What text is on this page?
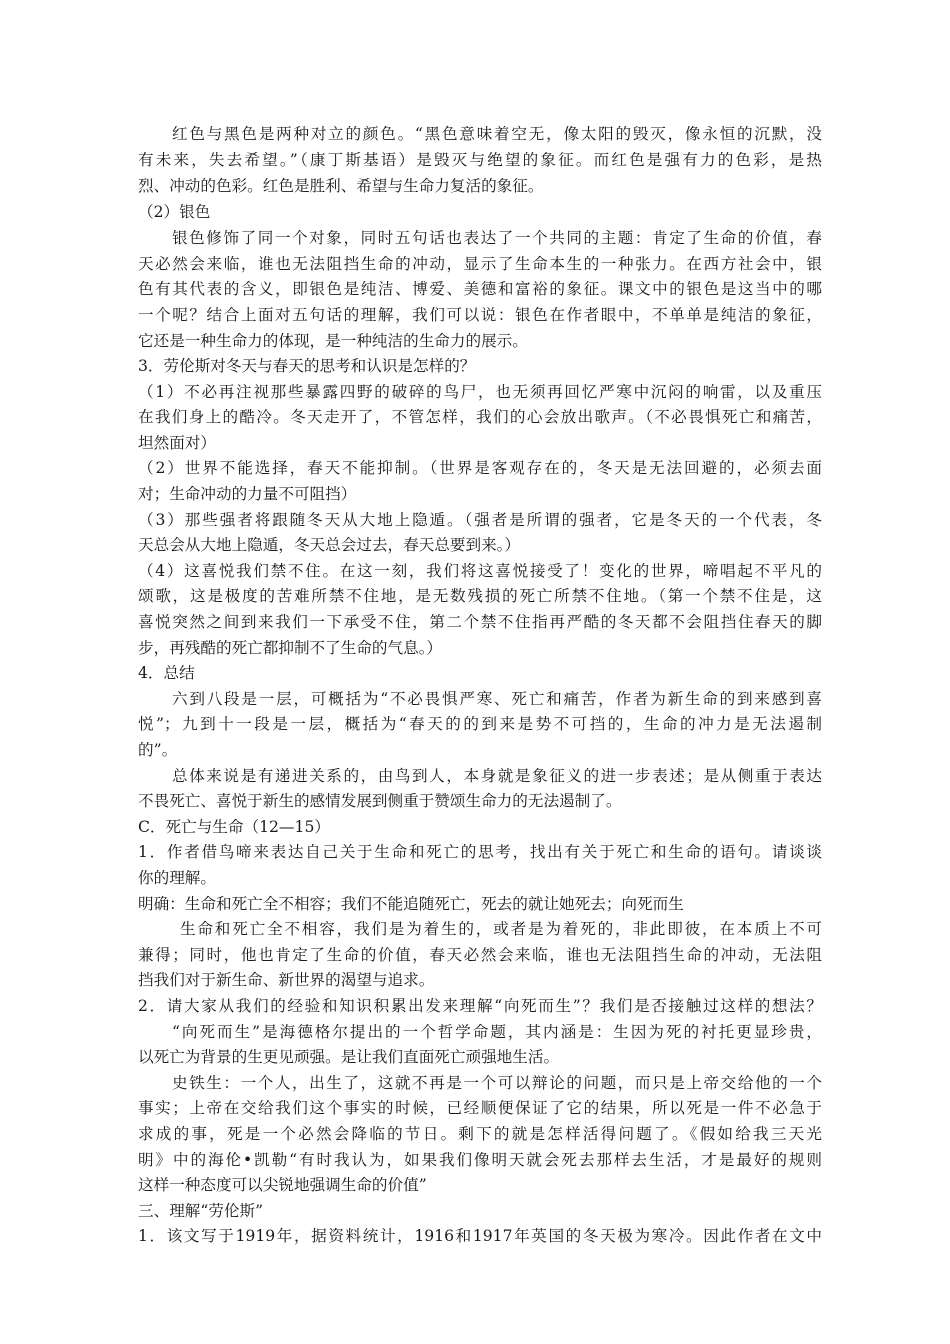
红色与黑色是两种对立的颜色。“黑色意味着空无，像太阳的毁灭，像永恒的沉默，没
有未来，失去希望。”（康丁斯基语）是毁灭与绝望的象征。而红色是强有力的色彩，是热
烈、冲动的色彩。红色是胜利、希望与生命力复活的象征。
（2）银色
银色修饰了同一个对象，同时五句话也表达了一个共同的主题：肯定了生命的价值，春
天必然会来临，谁也无法阻挡生命的冲动，显示了生命本生的一种张力。在西方社会中，银
色有其代表的含义，即银色是纯洁、博爱、美德和富裕的象征。课文中的银色是这当中的哪
一个呢？结合上面对五句话的理解，我们可以说：银色在作者眼中，不单单是纯洁的象征，
它还是一种生命力的体现，是一种纯洁的生命力的展示。
3．劳伦斯对冬天与春天的思考和认识是怎样的？
（1）不必再注视那些暴露四野的破碎的鸟尸，也无须再回忆严寒中沉闷的响雷，以及重压
在我们身上的酷冷。冬天走开了，不管怎样，我们的心会放出歌声。（不必畏惧死亡和痛苦，
坦然面对）
（2）世界不能选择，春天不能抑制。（世界是客观存在的，冬天是无法回避的，必须去面
对；生命冲动的力量不可阻挡）
（3）那些强者将跟随冬天从大地上隐遁。（强者是所谓的强者，它是冬天的一个代表，冬
天总会从大地上隐遁，冬天总会过去，春天总要到来。）
（4）这喜悦我们禁不住。在这一刻，我们将这喜悦接受了！变化的世界，啼唱起不平凡的
颂歌，这是极度的苦难所禁不住地，是无数残损的死亡所禁不住地。（第一个禁不住是，这
喜悦突然之间到来我们一下承受不住，第二个禁不住指再严酷的冬天都不会阻挡住春天的脚
步，再残酷的死亡都抑制不了生命的气息。）
4．总结
六到八段是一层，可概括为“不必畏惧严寒、死亡和痛苦，作者为新生命的到来感到喜
悦”；九到十一段是一层，概括为“春天的的到来是势不可挡的，生命的冲力是无法遏制
的”。
总体来说是有递进关系的，由鸟到人，本身就是象征义的进一步表述；是从侧重于表达
不畏死亡、喜悦于新生的感情发展到侧重于赞颂生命力的无法遏制了。
C．死亡与生命（12—15）
1．作者借鸟啼来表达自己关于生命和死亡的思考，找出有关于死亡和生命的语句。请谈谈
你的理解。
明确：生命和死亡全不相容；我们不能追随死亡，死去的就让她死去；向死而生
生命和死亡全不相容，我们是为着生的，或者是为着死的，非此即彼，在本质上不可
兼得；同时，他也肯定了生命的价值，春天必然会来临，谁也无法阻挡生命的冲动，无法阻
挡我们对于新生命、新世界的渴望与追求。
2．请大家从我们的经验和知识积累出发来理解“向死而生”？我们是否接触过这样的想法？
“向死而生”是海德格尔提出的一个哲学命题，其内涵是：生因为死的衬托更显珍贵，
以死亡为背景的生更见顽强。是让我们直面死亡顽强地生活。
史铁生：一个人，出生了，这就不再是一个可以辩论的问题，而只是上帝交给他的一个
事实；上帝在交给我们这个事实的时候，已经顺便保证了它的结果，所以死是一件不必急于
求成的事，死是一个必然会降临的节日。剩下的就是怎样活得问题了。《假如给我三天光
明》中的海伦•凯勒“有时我认为，如果我们像明天就会死去那样去生活，才是最好的规则
这样一种态度可以尖锐地强调生命的价值”
三、理解“劳伦斯”
1．该文写于1919年，据资料统计，1916和1917年英国的冬天极为寒冷。因此作者在文中
